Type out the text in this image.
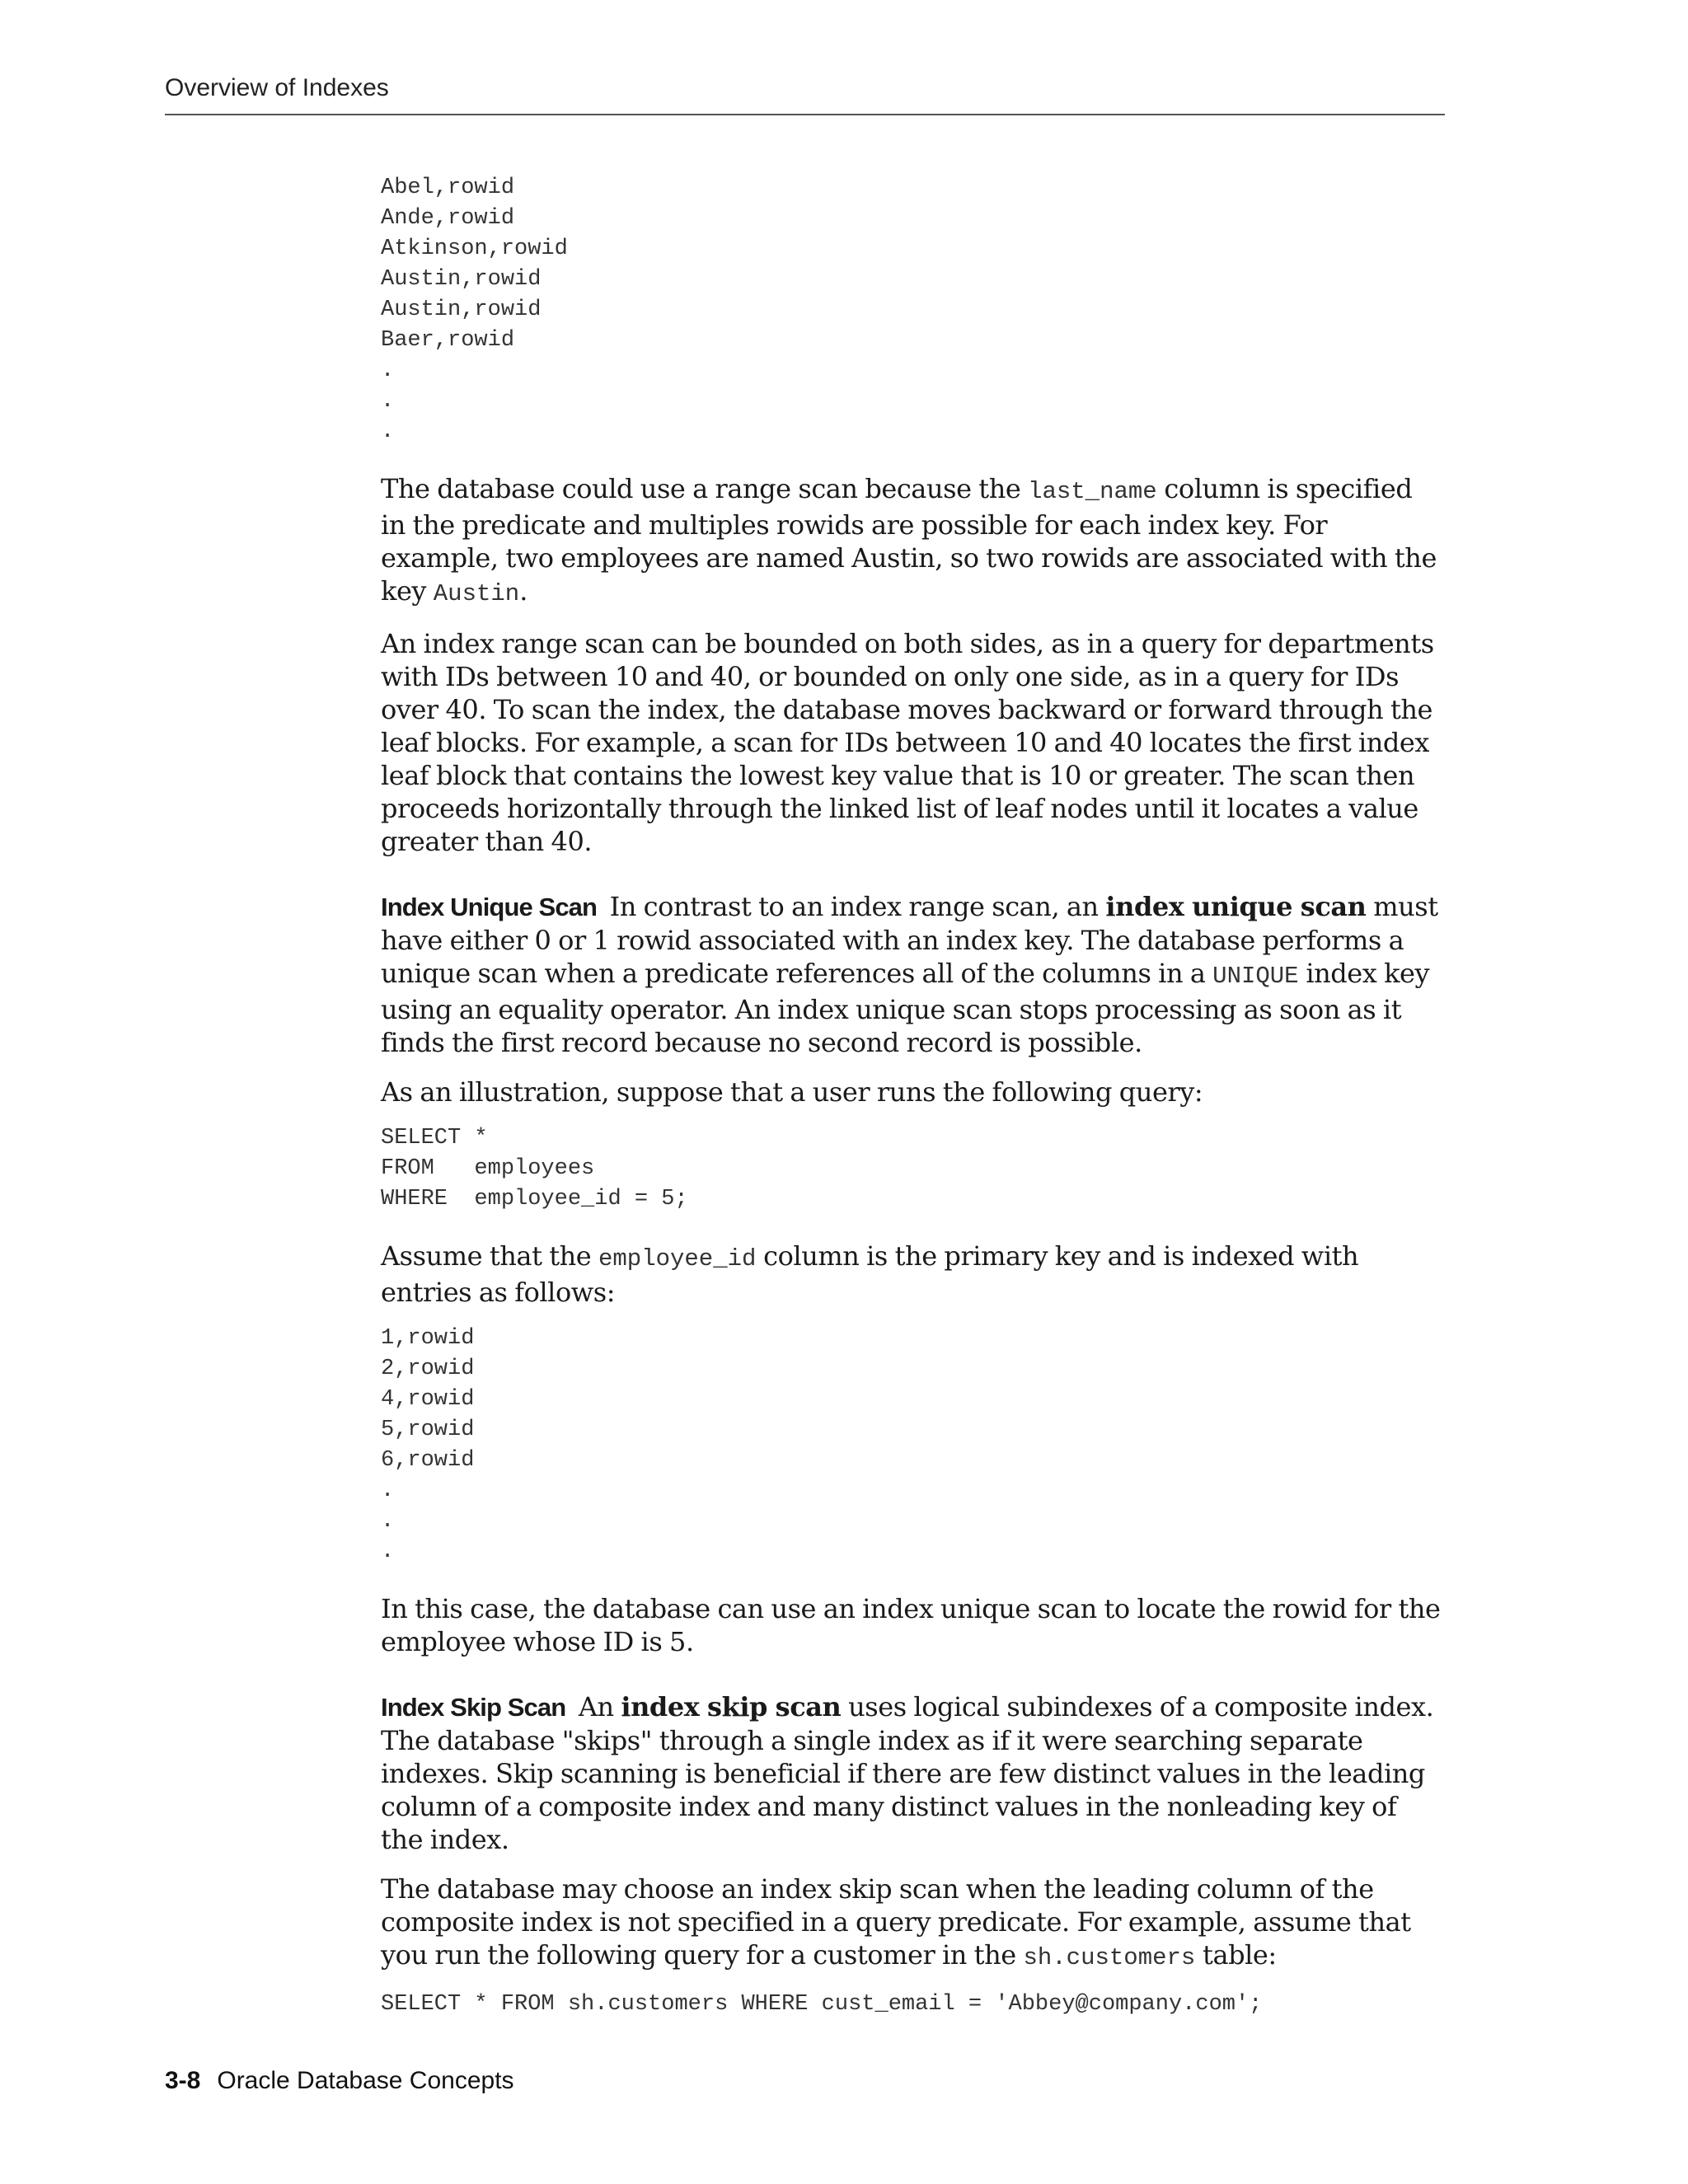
Overview of Indexes
Abel,rowid
Ande,rowid
Atkinson,rowid
Austin,rowid
Austin,rowid
Baer,rowid
.
.
.

The database could use a range scan because the last_name column is specified in the predicate and multiples rowids are possible for each index key. For example, two employees are named Austin, so two rowids are associated with the key Austin.

An index range scan can be bounded on both sides, as in a query for departments with IDs between 10 and 40, or bounded on only one side, as in a query for IDs over 40. To scan the index, the database moves backward or forward through the leaf blocks. For example, a scan for IDs between 10 and 40 locates the first index leaf block that contains the lowest key value that is 10 or greater. The scan then proceeds horizontally through the linked list of leaf nodes until it locates a value greater than 40.

Index Unique Scan  In contrast to an index range scan, an index unique scan must have either 0 or 1 rowid associated with an index key. The database performs a unique scan when a predicate references all of the columns in a UNIQUE index key using an equality operator. An index unique scan stops processing as soon as it finds the first record because no second record is possible.

As an illustration, suppose that a user runs the following query:

SELECT *
FROM   employees
WHERE  employee_id = 5;

Assume that the employee_id column is the primary key and is indexed with entries as follows:

1,rowid
2,rowid
4,rowid
5,rowid
6,rowid
.
.
.

In this case, the database can use an index unique scan to locate the rowid for the employee whose ID is 5.

Index Skip Scan  An index skip scan uses logical subindexes of a composite index. The database "skips" through a single index as if it were searching separate indexes. Skip scanning is beneficial if there are few distinct values in the leading column of a composite index and many distinct values in the nonleading key of the index.

The database may choose an index skip scan when the leading column of the composite index is not specified in a query predicate. For example, assume that you run the following query for a customer in the sh.customers table:

SELECT * FROM sh.customers WHERE cust_email = 'Abbey@company.com';
3-8 Oracle Database Concepts
